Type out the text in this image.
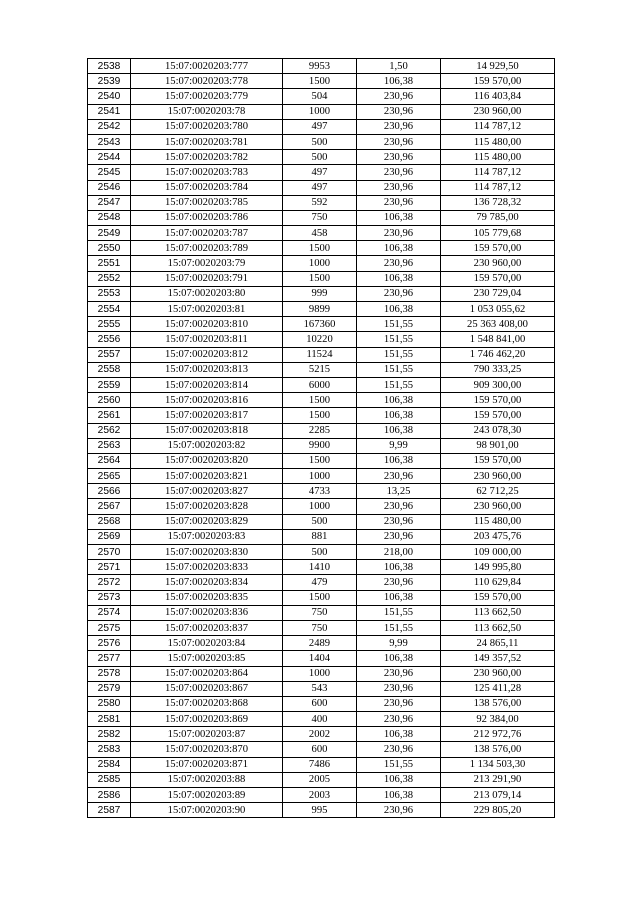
2538	15:07:0020203:777	9953	1,50	14 929,50
2539	15:07:0020203:778	1500	106,38	159 570,00
2540	15:07:0020203:779	504	230,96	116 403,84
2541	15:07:0020203:78	1000	230,96	230 960,00
2542	15:07:0020203:780	497	230,96	114 787,12
2543	15:07:0020203:781	500	230,96	115 480,00
2544	15:07:0020203:782	500	230,96	115 480,00
2545	15:07:0020203:783	497	230,96	114 787,12
2546	15:07:0020203:784	497	230,96	114 787,12
2547	15:07:0020203:785	592	230,96	136 728,32
2548	15:07:0020203:786	750	106,38	79 785,00
2549	15:07:0020203:787	458	230,96	105 779,68
2550	15:07:0020203:789	1500	106,38	159 570,00
2551	15:07:0020203:79	1000	230,96	230 960,00
2552	15:07:0020203:791	1500	106,38	159 570,00
2553	15:07:0020203:80	999	230,96	230 729,04
2554	15:07:0020203:81	9899	106,38	1 053 055,62
2555	15:07:0020203:810	167360	151,55	25 363 408,00
2556	15:07:0020203:811	10220	151,55	1 548 841,00
2557	15:07:0020203:812	11524	151,55	1 746 462,20
2558	15:07:0020203:813	5215	151,55	790 333,25
2559	15:07:0020203:814	6000	151,55	909 300,00
2560	15:07:0020203:816	1500	106,38	159 570,00
2561	15:07:0020203:817	1500	106,38	159 570,00
2562	15:07:0020203:818	2285	106,38	243 078,30
2563	15:07:0020203:82	9900	9,99	98 901,00
2564	15:07:0020203:820	1500	106,38	159 570,00
2565	15:07:0020203:821	1000	230,96	230 960,00
2566	15:07:0020203:827	4733	13,25	62 712,25
2567	15:07:0020203:828	1000	230,96	230 960,00
2568	15:07:0020203:829	500	230,96	115 480,00
2569	15:07:0020203:83	881	230,96	203 475,76
2570	15:07:0020203:830	500	218,00	109 000,00
2571	15:07:0020203:833	1410	106,38	149 995,80
2572	15:07:0020203:834	479	230,96	110 629,84
2573	15:07:0020203:835	1500	106,38	159 570,00
2574	15:07:0020203:836	750	151,55	113 662,50
2575	15:07:0020203:837	750	151,55	113 662,50
2576	15:07:0020203:84	2489	9,99	24 865,11
2577	15:07:0020203:85	1404	106,38	149 357,52
2578	15:07:0020203:864	1000	230,96	230 960,00
2579	15:07:0020203:867	543	230,96	125 411,28
2580	15:07:0020203:868	600	230,96	138 576,00
2581	15:07:0020203:869	400	230,96	92 384,00
2582	15:07:0020203:87	2002	106,38	212 972,76
2583	15:07:0020203:870	600	230,96	138 576,00
2584	15:07:0020203:871	7486	151,55	1 134 503,30
2585	15:07:0020203:88	2005	106,38	213 291,90
2586	15:07:0020203:89	2003	106,38	213 079,14
2587	15:07:0020203:90	995	230,96	229 805,20
